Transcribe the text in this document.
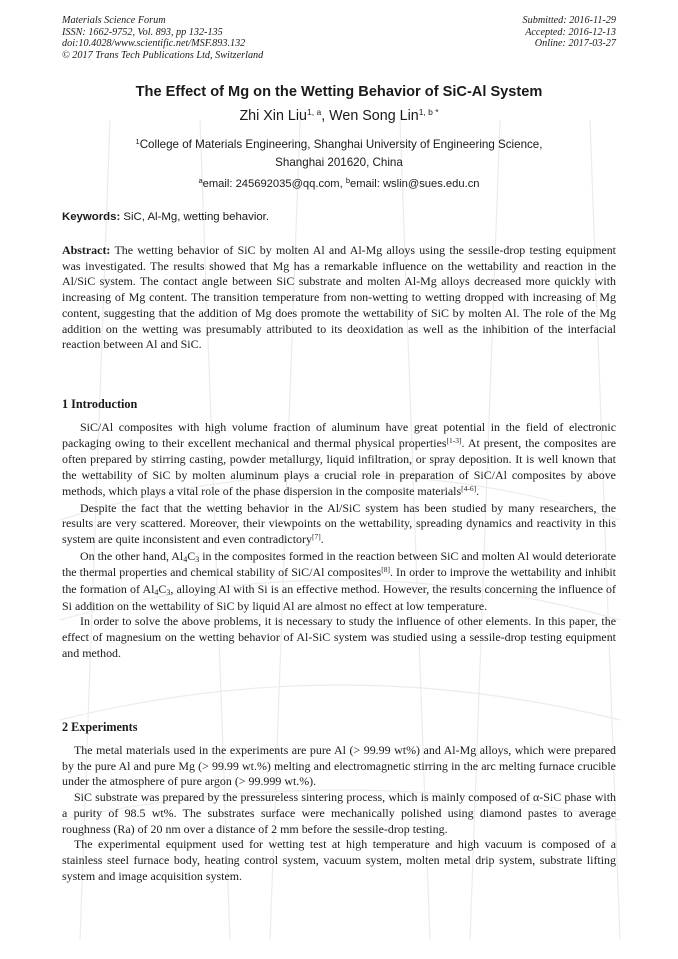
Materials Science Forum
ISSN: 1662-9752, Vol. 893, pp 132-135
doi:10.4028/www.scientific.net/MSF.893.132
© 2017 Trans Tech Publications Ltd, Switzerland
Submitted: 2016-11-29
Accepted: 2016-12-13
Online: 2017-03-27
The Effect of Mg on the Wetting Behavior of SiC-Al System
Zhi Xin Liu$^{1, a}$, Wen Song Lin$^{1, b *}$
$^1$College of Materials Engineering, Shanghai University of Engineering Science,
Shanghai 201620, China
$^a$email: 245692035@qq.com, $^b$email: wslin@sues.edu.cn
Keywords: SiC, Al-Mg, wetting behavior.

Abstract: The wetting behavior of SiC by molten Al and Al-Mg alloys using the sessile-drop testing equipment was investigated. The results showed that Mg has a remarkable influence on the wettability and reaction in the Al/SiC system. The contact angle between SiC substrate and molten Al-Mg alloys decreased more quickly with increasing of Mg content. The transition temperature from non-wetting to wetting dropped with increasing of Mg content, suggesting that the addition of Mg does promote the wettability of SiC by molten Al. The role of the Mg addition on the wetting was presumably attributed to its deoxidation as well as the inhibition of the interfacial reaction between Al and SiC.

1 Introduction

SiC/Al composites with high volume fraction of aluminum have great potential in the field of electronic packaging owing to their excellent mechanical and thermal physical properties[1-3]. At present, the composites are often prepared by stirring casting, powder metallurgy, liquid infiltration, or spray deposition. It is well known that the wettability of SiC by molten aluminum plays a crucial role in preparation of SiC/Al composites by above methods, which plays a vital role of the phase dispersion in the composite materials[4-6].

Despite the fact that the wetting behavior in the Al/SiC system has been studied by many researchers, the results are very scattered. Moreover, their viewpoints on the wettability, spreading dynamics and reactivity in this system are quite inconsistent and even contradictory[7].

On the other hand, Al4C3 in the composites formed in the reaction between SiC and molten Al would deteriorate the thermal properties and chemical stability of SiC/Al composites[8]. In order to improve the wettability and inhibit the formation of Al4C3, alloying Al with Si is an effective method. However, the results concerning the influence of Si addition on the wettability of SiC by liquid Al are almost no effect at low temperature.

In order to solve the above problems, it is necessary to study the influence of other elements. In this paper, the effect of magnesium on the wetting behavior of Al-SiC system was studied using a sessile-drop testing equipment and method.

2 Experiments

The metal materials used in the experiments are pure Al (> 99.99 wt%) and Al-Mg alloys, which were prepared by the pure Al and pure Mg (> 99.99 wt.%) melting and electromagnetic stirring in the arc melting furnace crucible under the atmosphere of pure argon (> 99.999 wt.%).

SiC substrate was prepared by the pressureless sintering process, which is mainly composed of α-SiC phase with a purity of 98.5 wt%. The substrates surface were mechanically polished using diamond pastes to average roughness (Ra) of 20 nm over a distance of 2 mm before the sessile-drop testing.

The experimental equipment used for wetting test at high temperature and high vacuum is composed of a stainless steel furnace body, heating control system, vacuum system, molten metal drip system, substrate lifting system and image acquisition system.
